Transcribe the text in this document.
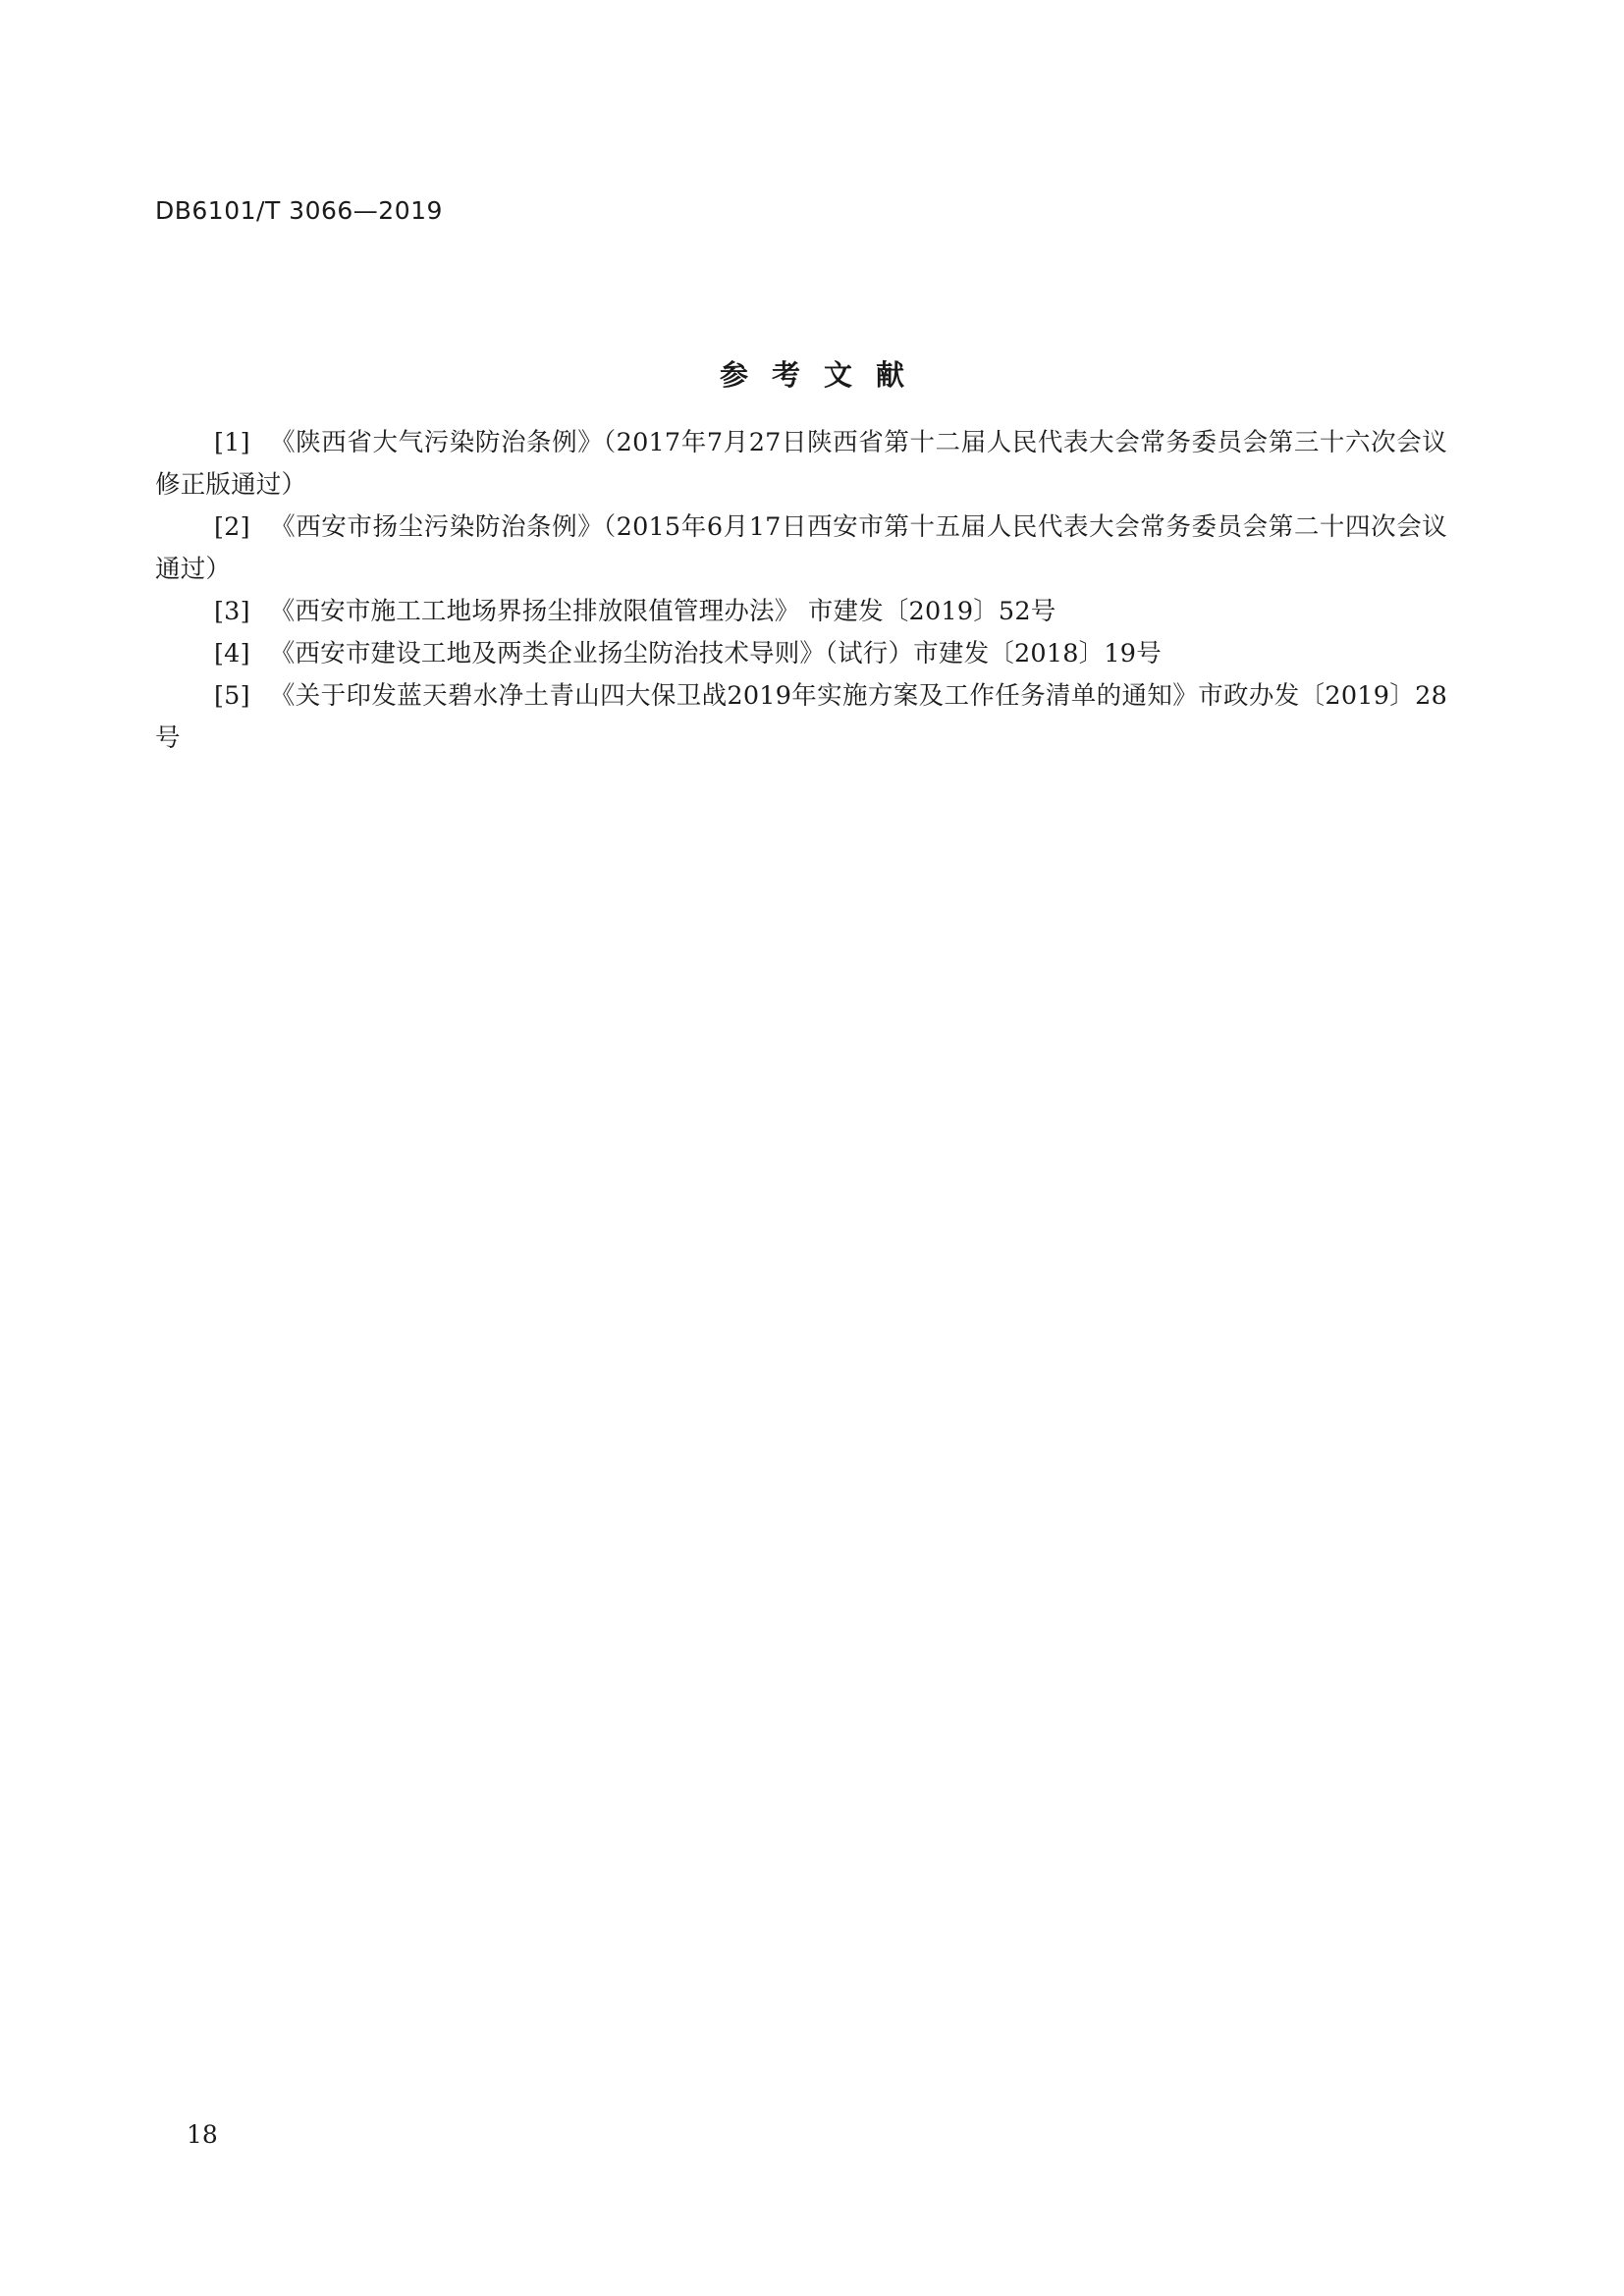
DB6101/T 3066—2019
参考文献

[1] 《陕西省大气污染防治条例》（2017年7月27日陕西省第十二届人民代表大会常务委员会第三十六次会议修正版通过）

[2] 《西安市扬尘污染防治条例》（2015年6月17日西安市第十五届人民代表大会常务委员会第二十四次会议通过）

[3] 《西安市施工工地场界扬尘排放限值管理办法》 市建发〔2019〕52号

[4] 《西安市建设工地及两类企业扬尘防治技术导则》（试行）市建发〔2018〕19号

[5] 《关于印发蓝天碧水净土青山四大保卫战2019年实施方案及工作任务清单的通知》市政办发〔2019〕28号

18
